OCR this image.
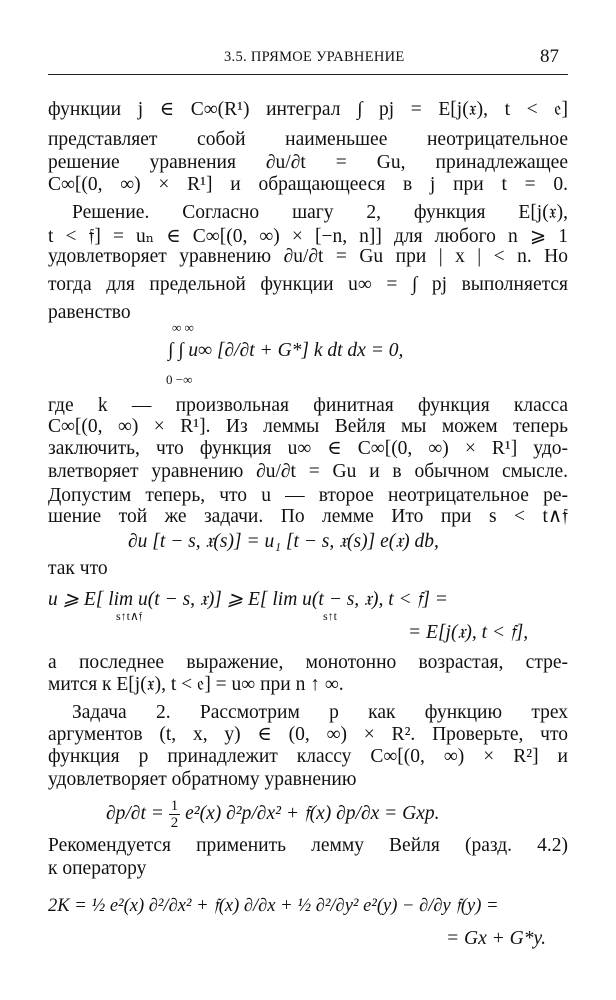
3.5. ПРЯМОЕ УРАВНЕНИЕ	87
функции j ∈ C∞(R¹) интеграл ∫ pj = E[j(𝔵), t < 𝔢]
представляет собой наименьшее неотрицательное
решение уравнения ∂u/∂t = Gu, принадлежащее
C∞[(0, ∞) × R¹] и обращающееся в j при t = 0.
Решение. Согласно шагу 2, функция E[j(𝔵),
t < 𝔣] = uₙ ∈ C∞[(0, ∞) × [−n, n]] для любого n ⩾ 1
удовлетворяет уравнению ∂u/∂t = Gu при | x | < n. Но
тогда для предельной функции u∞ = ∫ pj выполняется
равенство
∞ ∞
∫ ∫ u∞ [∂/∂t + G*] k dt dx = 0,
0 −∞
где k — произвольная финитная функция класса
C∞[(0, ∞) × R¹]. Из леммы Вейля мы можем теперь
заключить, что функция u∞ ∈ C∞[(0, ∞) × R¹] удо-
влетворяет уравнению ∂u/∂t = Gu и в обычном смысле.
Допустим теперь, что u — второе неотрицательное ре-
шение той же задачи. По лемме Ито при s < t∧𝔣
∂u [t − s, 𝔵(s)] = u₁ [t − s, 𝔵(s)] e(𝔵) db,
так что
u ⩾ E[ lim u(t − s, 𝔵)] ⩾ E[ lim u(t − s, 𝔵), t < 𝔣] =
s↑t∧𝔣	s↑t
= E[j(𝔵), t < 𝔣],
а последнее выражение, монотонно возрастая, стре-
мится к E[j(𝔵), t < 𝔢] = u∞ при n ↑ ∞.
Задача 2. Рассмотрим p как функцию трех
аргументов (t, x, y) ∈ (0, ∞) × R². Проверьте, что
функция p принадлежит классу C∞[(0, ∞) × R²] и
удовлетворяет обратному уравнению
$\partial p/\partial t = \frac{1}{2} e^2(x) \partial^2p/\partial x^2$ + 𝔣(x) ∂p/∂x = Gxp.
Рекомендуется применить лемму Вейля (разд. 4.2)
к оператору
2K = ½ e²(x) ∂²/∂x² + 𝔣(x) ∂/∂x + ½ ∂²/∂y² e²(y) − ∂/∂y 𝔣(y) =
= Gx + G*y.
